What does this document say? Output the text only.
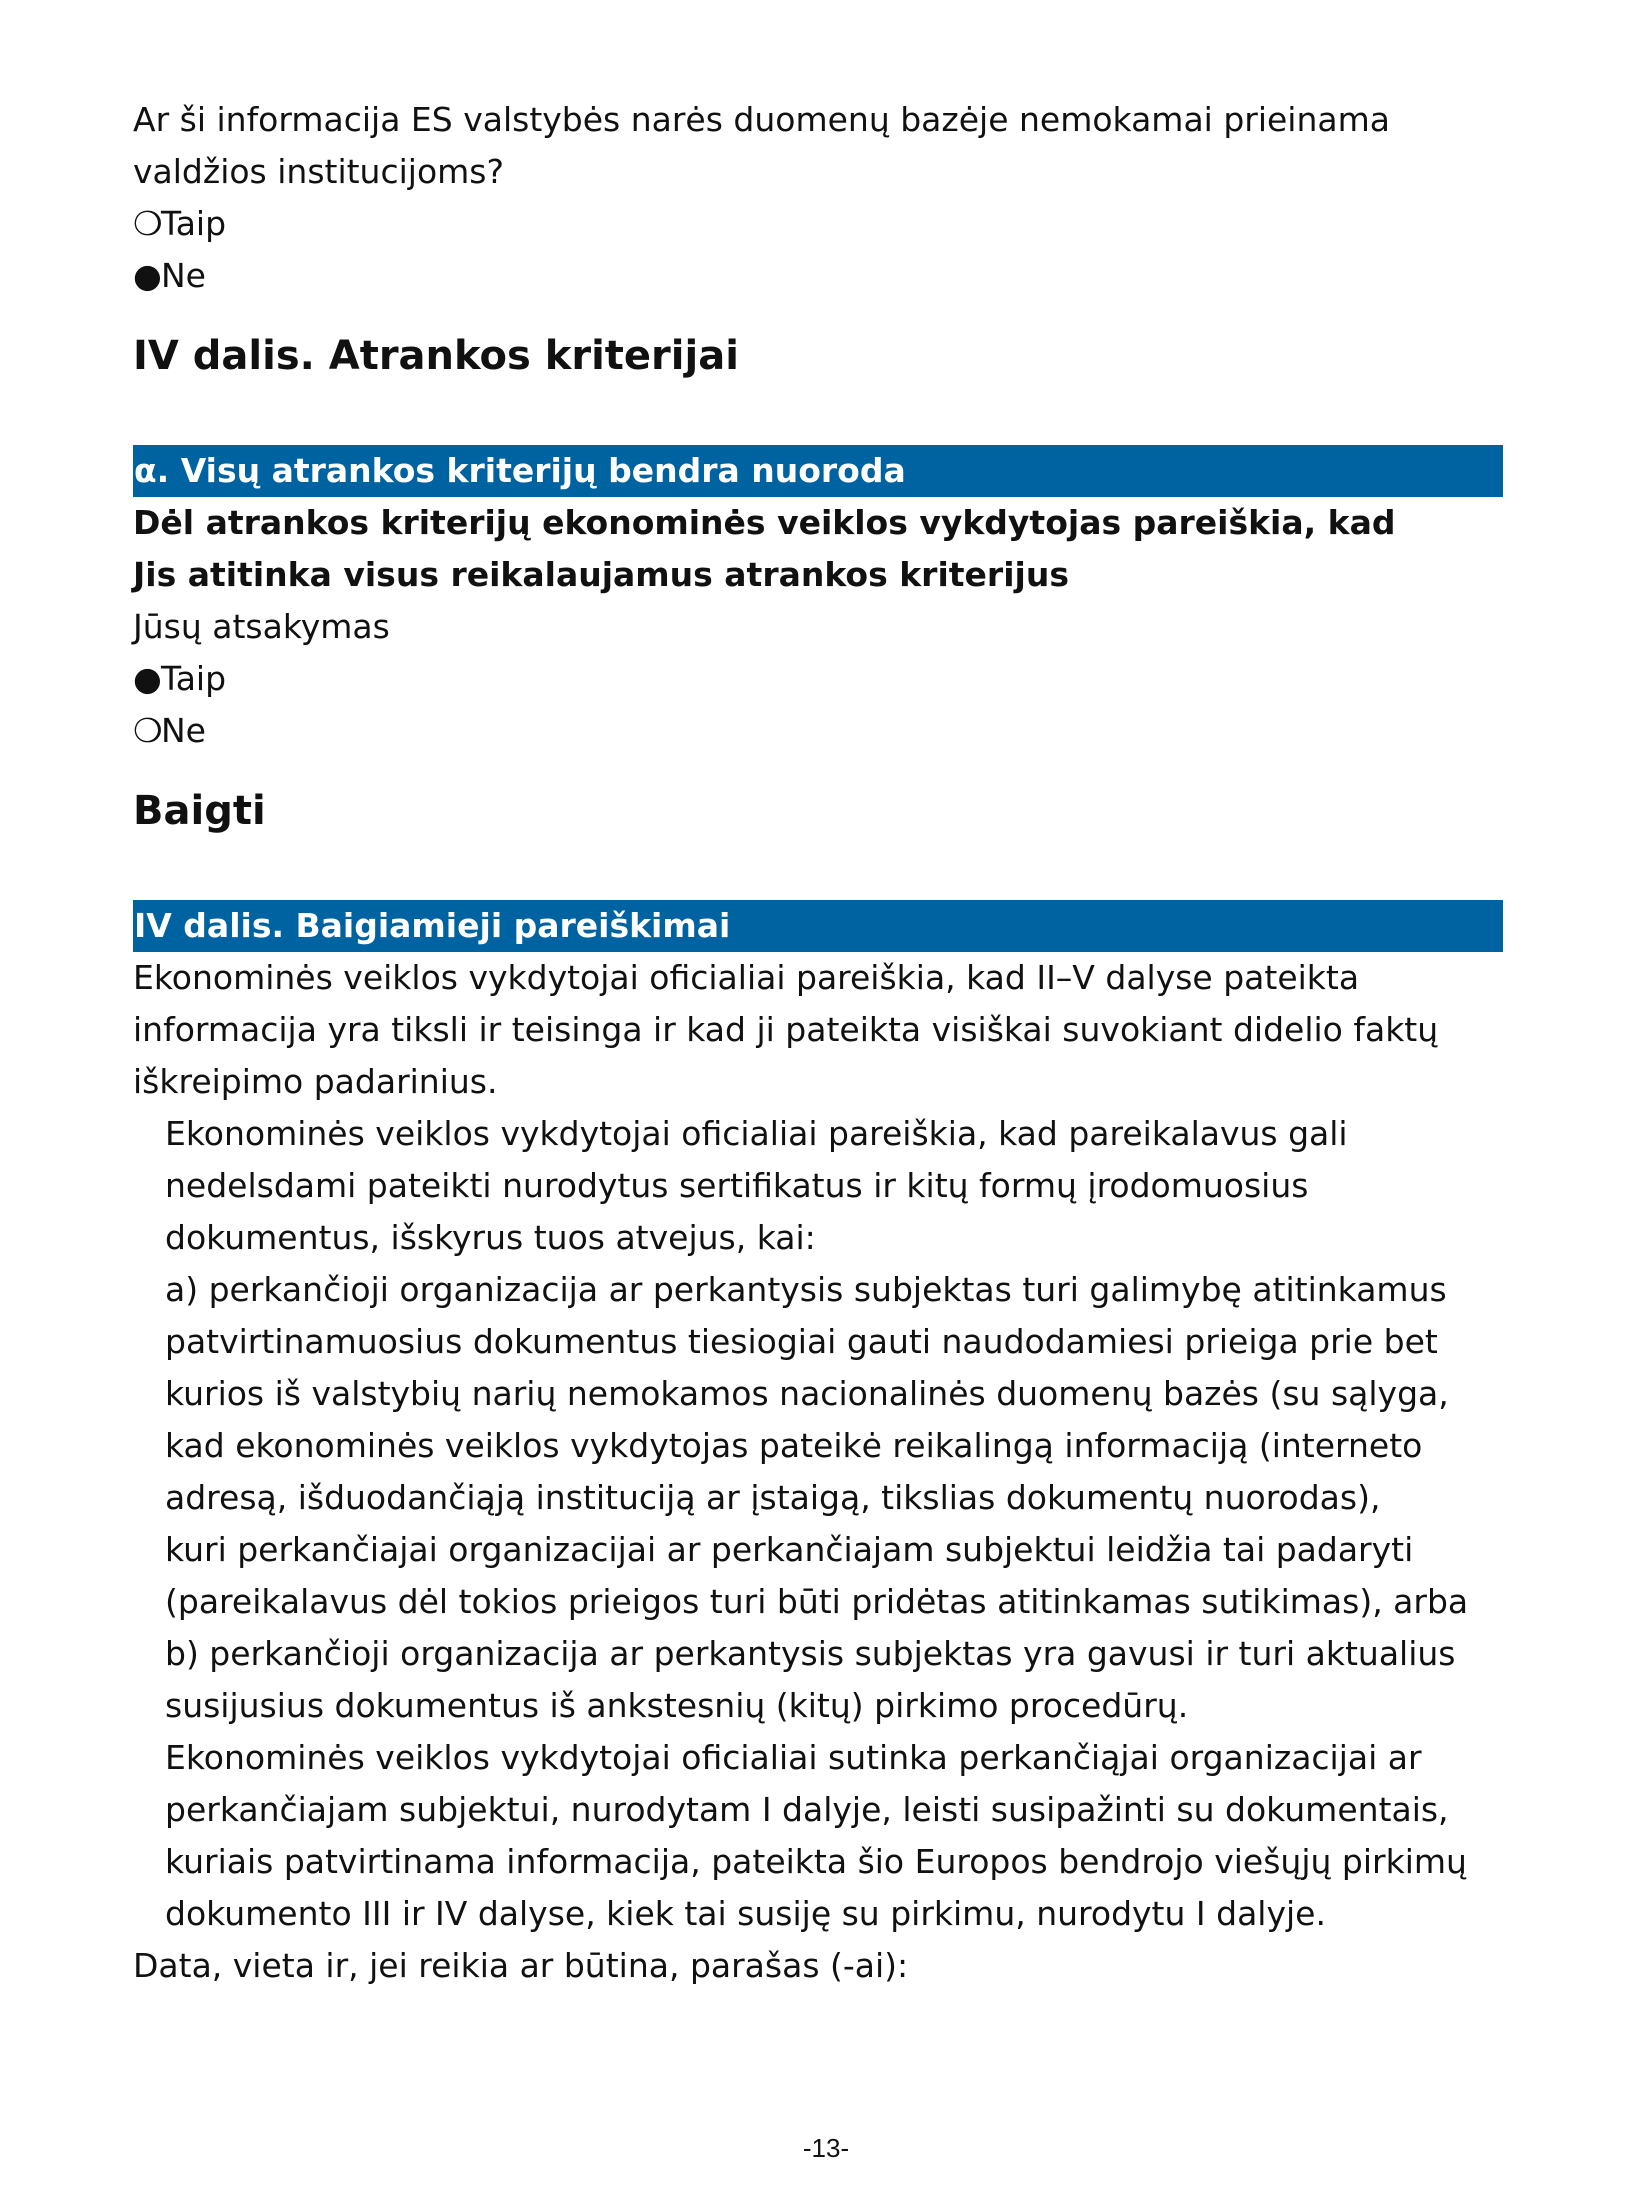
Ar ši informacija ES valstybės narės duomenų bazėje nemokamai prieinama

valdžios institucijoms?

❍Taip

●Ne

IV dalis. Atrankos kriterijai
α. Visų atrankos kriterijų bendra nuoroda

Dėl atrankos kriterijų ekonominės veiklos vykdytojas pareiškia, kad

Jis atitinka visus reikalaujamus atrankos kriterijus

Jūsų atsakymas

●Taip

❍Ne

Baigti
IV dalis. Baigiamieji pareiškimai

Ekonominės veiklos vykdytojai oficialiai pareiškia, kad II–V dalyse pateikta

informacija yra tiksli ir teisinga ir kad ji pateikta visiškai suvokiant didelio faktų

iškreipimo padarinius.

Ekonominės veiklos vykdytojai oficialiai pareiškia, kad pareikalavus gali

nedelsdami pateikti nurodytus sertifikatus ir kitų formų įrodomuosius

dokumentus, išskyrus tuos atvejus, kai:

a) perkančioji organizacija ar perkantysis subjektas turi galimybę atitinkamus

patvirtinamuosius dokumentus tiesiogiai gauti naudodamiesi prieiga prie bet

kurios iš valstybių narių nemokamos nacionalinės duomenų bazės (su sąlyga,

kad ekonominės veiklos vykdytojas pateikė reikalingą informaciją (interneto

adresą, išduodančiąją instituciją ar įstaigą, tikslias dokumentų nuorodas),

kuri perkančiajai organizacijai ar perkančiajam subjektui leidžia tai padaryti

(pareikalavus dėl tokios prieigos turi būti pridėtas atitinkamas sutikimas), arba

b) perkančioji organizacija ar perkantysis subjektas yra gavusi ir turi aktualius

susijusius dokumentus iš ankstesnių (kitų) pirkimo procedūrų.

Ekonominės veiklos vykdytojai oficialiai sutinka perkančiąjai organizacijai ar

perkančiajam subjektui, nurodytam I dalyje, leisti susipažinti su dokumentais,

kuriais patvirtinama informacija, pateikta šio Europos bendrojo viešųjų pirkimų

dokumento III ir IV dalyse, kiek tai susiję su pirkimu, nurodytu I dalyje.

Data, vieta ir, jei reikia ar būtina, parašas (-ai):

-13-
